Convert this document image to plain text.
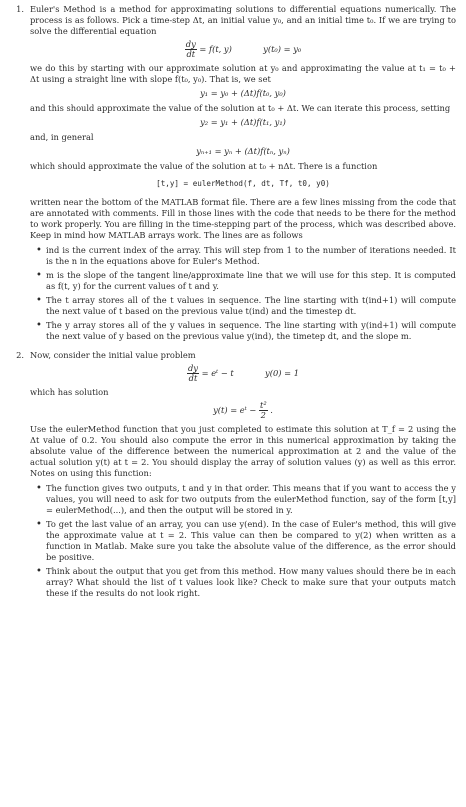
1. Euler's Method is a method for approximating solutions to differential equations numerically. The process is as follows. Pick a time-step Δt, an initial value y₀, and an initial time t₀. If we are trying to solve the differential equation

$\frac{dy}{dt} = f(t$, y)	y(t₀) = y₀

we do this by starting with our approximate solution at y₀ and approximating the value at t₁ = t₀ + Δt using a straight line with slope f(t₀, y₀). That is, we set

y₁ = y₀ + (Δt)f(t₀, y₀)

and this should approximate the value of the solution at t₀ + Δt. We can iterate this process, setting

y₂ = y₁ + (Δt)f(t₁, y₁)

and, in general

yₙ₊₁ = yₙ + (Δt)f(tₙ, yₙ)

which should approximate the value of the solution at t₀ + nΔt. There is a function

[t,y] = eulerMethod(f, dt, Tf, t0, y0)

written near the bottom of the MATLAB format file. There are a few lines missing from the code that are annotated with comments. Fill in those lines with the code that needs to be there for the method to work properly. You are filling in the time-stepping part of the process, which was described above. Keep in mind how MATLAB arrays work. The lines are as follows

• ind is the current index of the array. This will step from 1 to the number of iterations needed. It is the n in the equations above for Euler's Method.
• m is the slope of the tangent line/approximate line that we will use for this step. It is computed as f(t, y) for the current values of t and y.
• The t array stores all of the t values in sequence. The line starting with t(ind+1) will compute the next value of t based on the previous value t(ind) and the timestep dt.
• The y array stores all of the y values in sequence. The line starting with y(ind+1) will compute the next value of y based on the previous value y(ind), the timetep dt, and the slope m.
2. Now, consider the initial value problem

$\frac{dy}{dt}$ = eᵗ − t	y(0) = 1

which has solution

y(t) = eᵗ − $\frac{\text{t²}}{2}$ .

Use the eulerMethod function that you just completed to estimate this solution at T_f = 2 using the Δt value of 0.2. You should also compute the error in this numerical approximation by taking the absolute value of the difference between the numerical approximation at 2 and the value of the actual solution y(t) at t = 2. You should display the array of solution values (y) as well as this error. Notes on using this function:

• The function gives two outputs, t and y in that order. This means that if you want to access the y values, you will need to ask for two outputs from the eulerMethod function, say of the form [t,y] = eulerMethod(...), and then the output will be stored in y.
• To get the last value of an array, you can use y(end). In the case of Euler's method, this will give the approximate value at t = 2. This value can then be compared to y(2) when written as a function in Matlab. Make sure you take the absolute value of the difference, as the error should be positive.
• Think about the output that you get from this method. How many values should there be in each array? What should the list of t values look like? Check to make sure that your outputs match these if the results do not look right.
